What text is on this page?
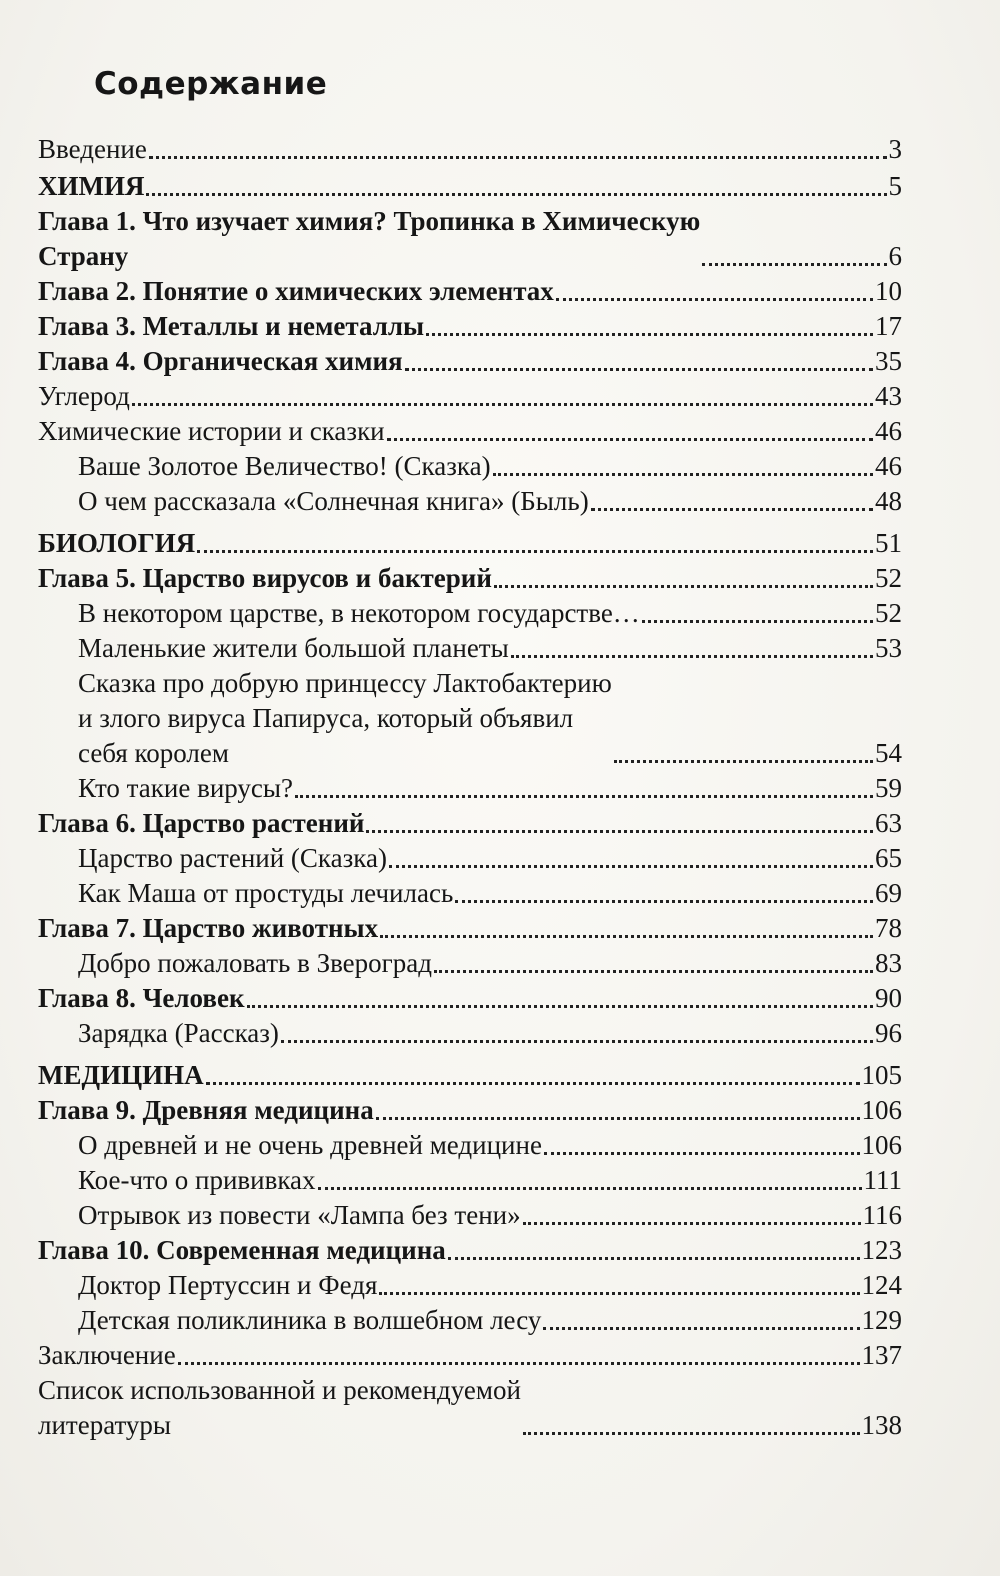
Содержание
Введение	3
ХИМИЯ	5
Глава 1. Что изучает химия? Тропинка в Химическую
Страну	6
Глава 2. Понятие о химических элементах	10
Глава 3. Металлы и неметаллы	17
Глава 4. Органическая химия	35
Углерод	43
Химические истории и сказки	46
Ваше Золотое Величество! (Сказка)	46
О чем рассказала «Солнечная книга» (Быль)	48
БИОЛОГИЯ	51
Глава 5. Царство вирусов и бактерий	52
В некотором царстве, в некотором государстве…	52
Маленькие жители большой планеты	53
Сказка про добрую принцессу Лактобактерию
и злого вируса Папируса, который объявил
себя королем	54
Кто такие вирусы?	59
Глава 6. Царство растений	63
Царство растений (Сказка)	65
Как Маша от простуды лечилась	69
Глава 7. Царство животных	78
Добро пожаловать в Звероград	83
Глава 8. Человек	90
Зарядка (Рассказ)	96
МЕДИЦИНА	105
Глава 9. Древняя медицина	106
О древней и не очень древней медицине	106
Кое-что о прививках	111
Отрывок из повести «Лампа без тени»	116
Глава 10. Современная медицина	123
Доктор Пертуссин и Федя	124
Детская поликлиника в волшебном лесу	129
Заключение	137
Список использованной и рекомендуемой
литературы	138
